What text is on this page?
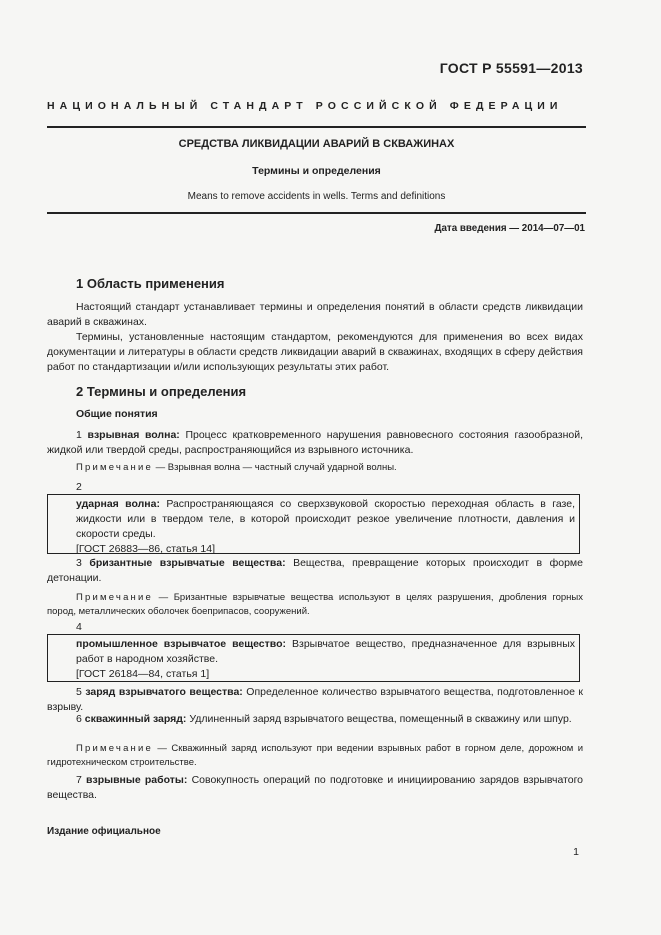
ГОСТ Р 55591—2013
НАЦИОНАЛЬНЫЙ СТАНДАРТ РОССИЙСКОЙ ФЕДЕРАЦИИ
СРЕДСТВА ЛИКВИДАЦИИ АВАРИЙ В СКВАЖИНАХ
Термины и определения
Means to remove accidents in wells. Terms and definitions
Дата введения — 2014—07—01
1 Область применения

Настоящий стандарт устанавливает термины и определения понятий в области средств ликвидации аварий в скважинах.

Термины, установленные настоящим стандартом, рекомендуются для применения во всех видах документации и литературы в области средств ликвидации аварий в скважинах, входящих в сферу действия работ по стандартизации и/или использующих результаты этих работ.

2 Термины и определения
Общие понятия

1 взрывная волна: Процесс кратковременного нарушения равновесного состояния газообразной, жидкой или твердой среды, распространяющийся из взрывного источника.

Примечание — Взрывная волна — частный случай ударной волны.

2

ударная волна: Распространяющаяся со сверхзвуковой скоростью переходная область в газе, жидкости или в твердом теле, в которой происходит резкое увеличение плотности, давления и скорости среды.

[ГОСТ 26883—86, статья 14]

3 бризантные взрывчатые вещества: Вещества, превращение которых происходит в форме детонации.

Примечание — Бризантные взрывчатые вещества используют в целях разрушения, дробления горных пород, металлических оболочек боеприпасов, сооружений.

4

промышленное взрывчатое вещество: Взрывчатое вещество, предназначенное для взрывных работ в народном хозяйстве.

[ГОСТ 26184—84, статья 1]

5 заряд взрывчатого вещества: Определенное количество взрывчатого вещества, подготовленное к взрыву.

6 скважинный заряд: Удлиненный заряд взрывчатого вещества, помещенный в скважину или шпур.

Примечание — Скважинный заряд используют при ведении взрывных работ в горном деле, дорожном и гидротехническом строительстве.

7 взрывные работы: Совокупность операций по подготовке и инициированию зарядов взрывчатого вещества.

Издание официальное
1
